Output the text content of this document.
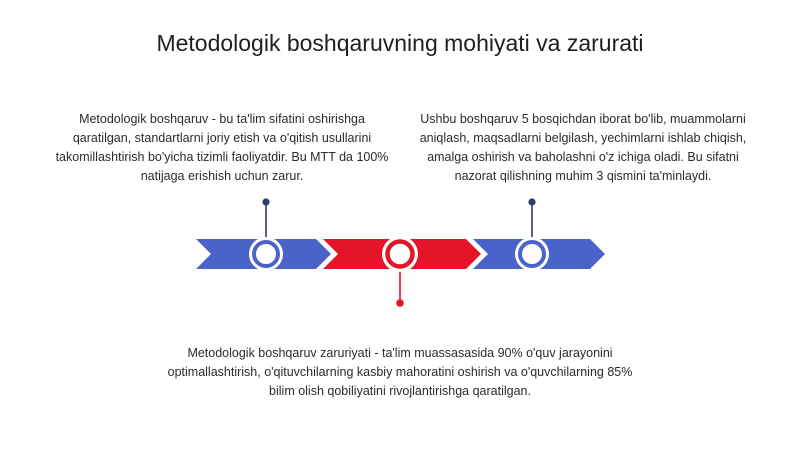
Metodologik boshqaruvning mohiyati va zarurati
Metodologik boshqaruv - bu ta'lim sifatini oshirishga qaratilgan, standartlarni joriy etish va o'qitish usullarini takomillashtirish bo'yicha tizimli faoliyatdir. Bu MTT da 100% natijaga erishish uchun zarur.
Ushbu boshqaruv 5 bosqichdan iborat bo'lib, muammolarni aniqlash, maqsadlarni belgilash, yechimlarni ishlab chiqish, amalga oshirish va baholashni o'z ichiga oladi. Bu sifatni nazorat qilishning muhim 3 qismini ta'minlaydi.
Metodologik boshqaruv zaruriyati - ta'lim muassasasida 90% o'quv jarayonini optimallashtirish, o'qituvchilarning kasbiy mahoratini oshirish va o'quvchilarning 85% bilim olish qobiliyatini rivojlantirishga qaratilgan.
